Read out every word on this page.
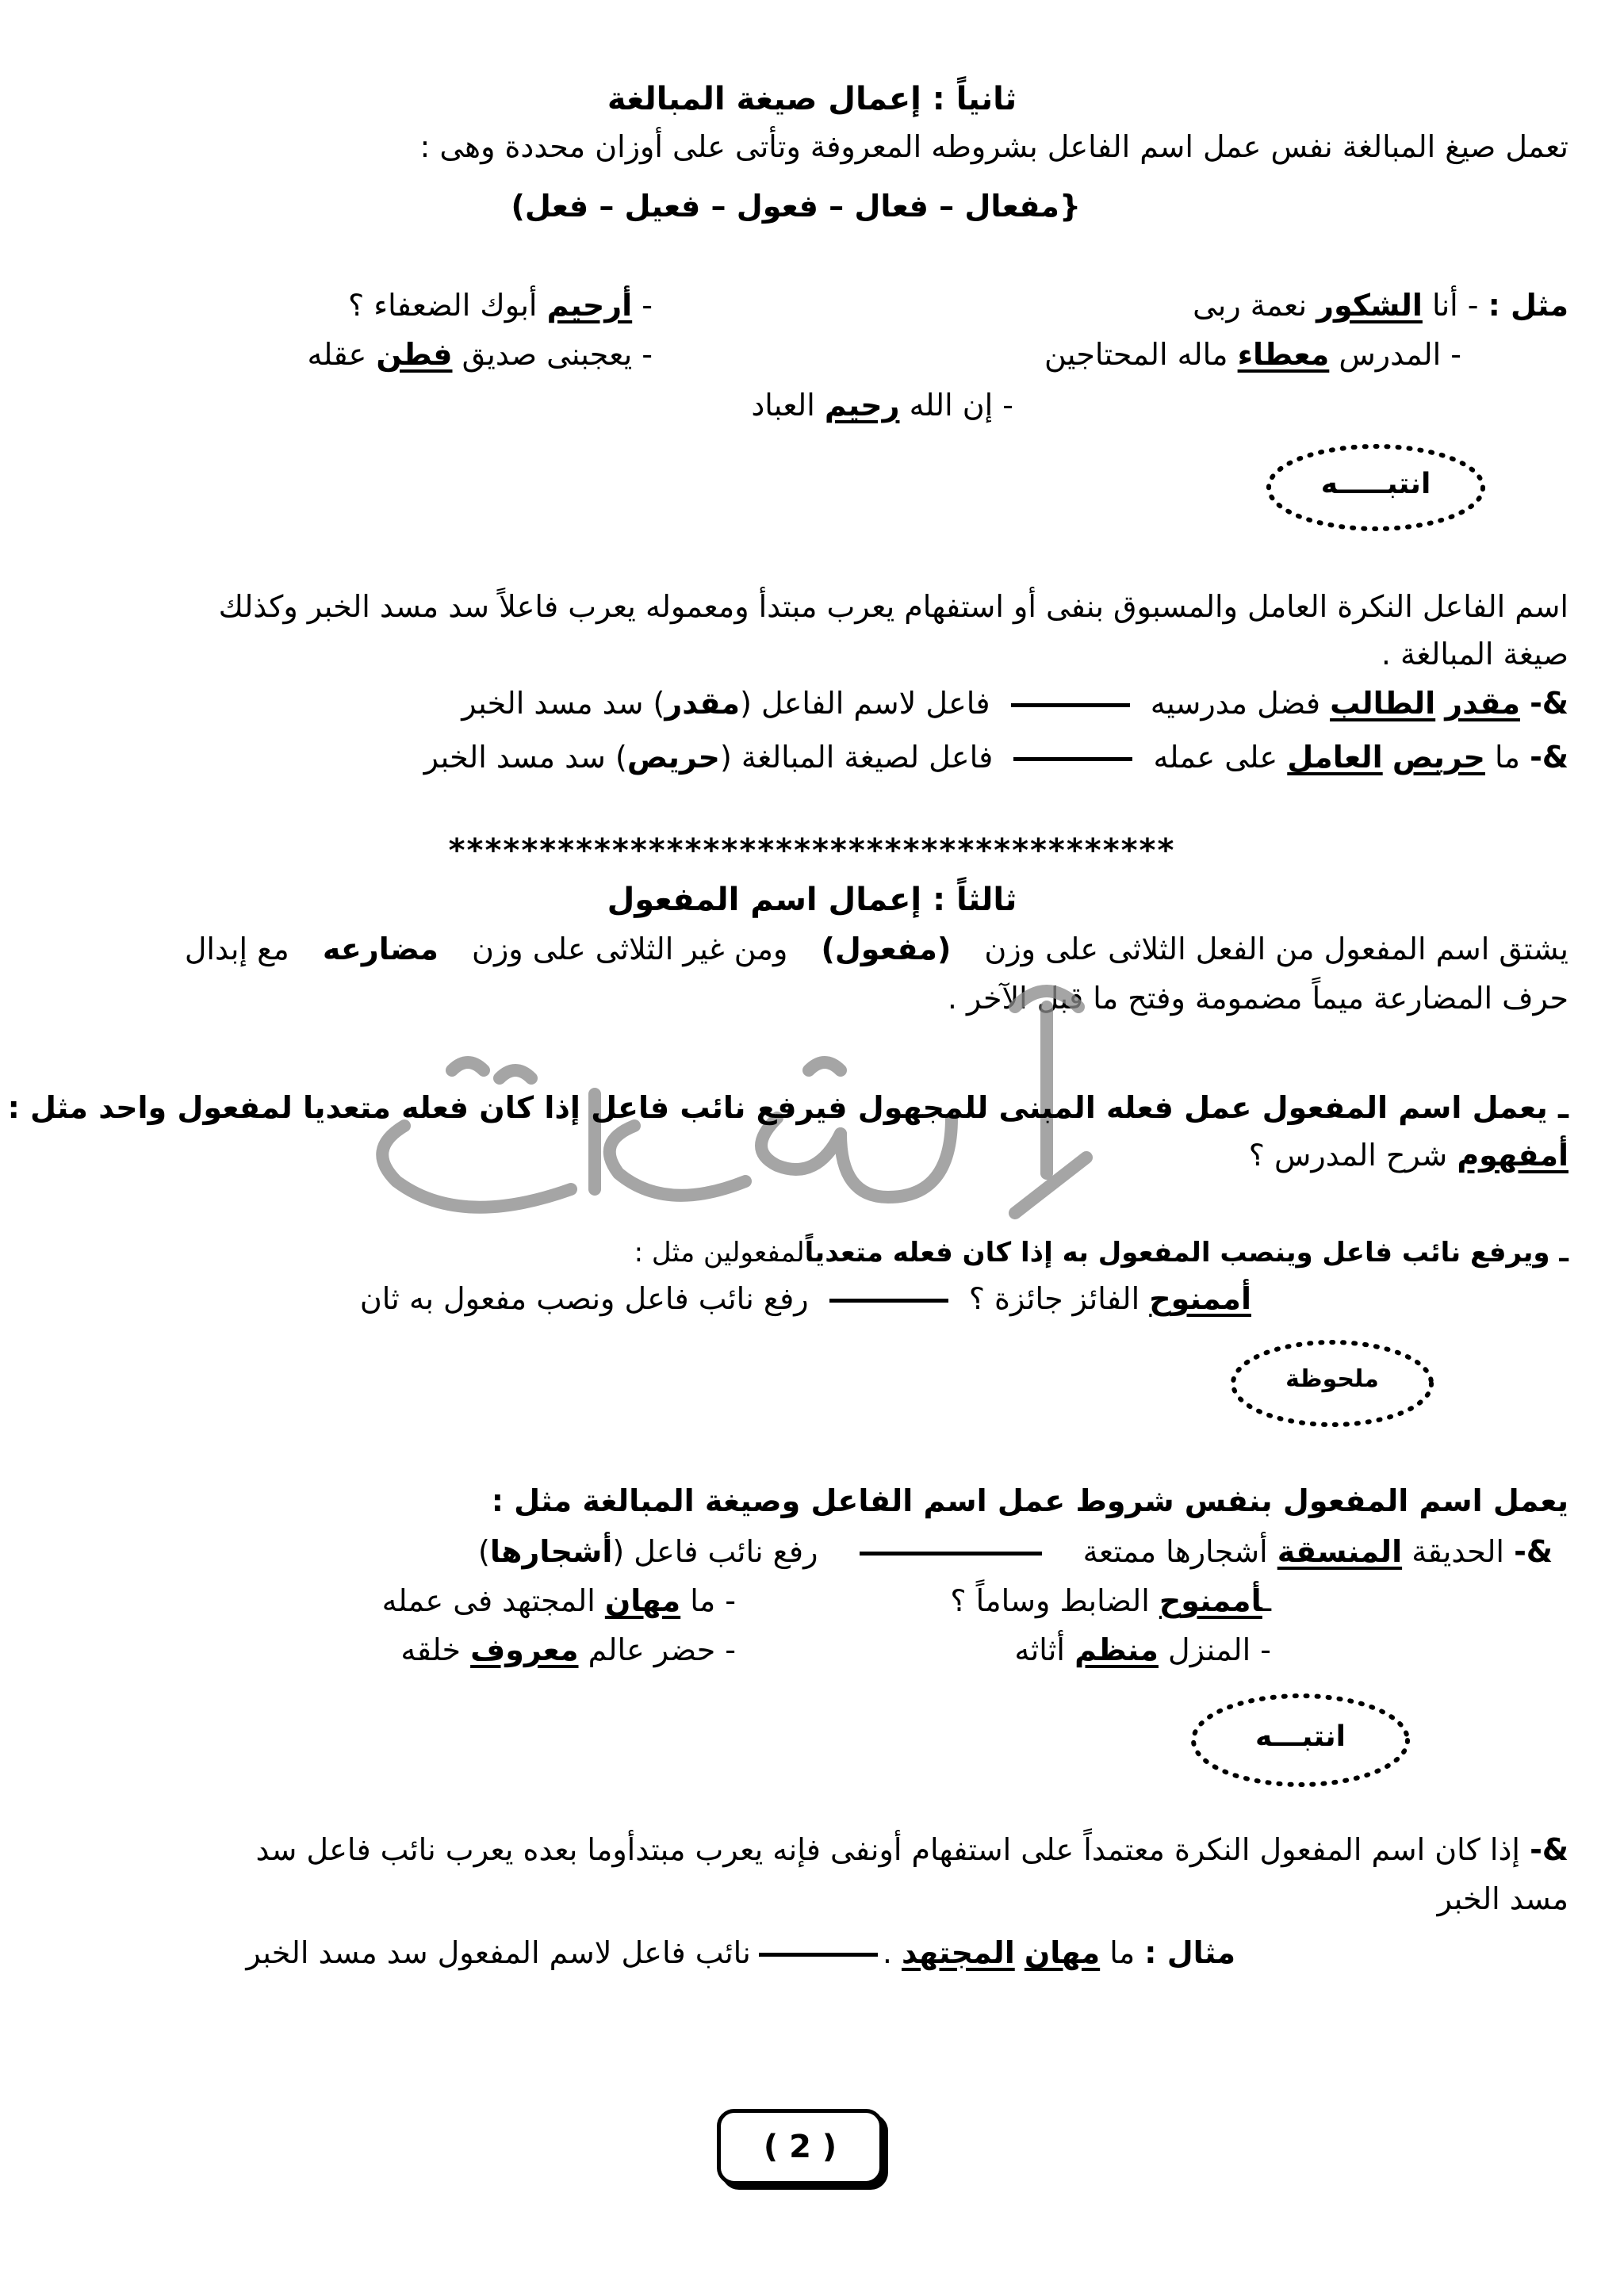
ثانياً : إعمال صيغة المبالغة
تعمل صيغ المبالغة نفس عمل اسم الفاعل بشروطه المعروفة وتأتى على أوزان محددة وهى :
{مفعال – فعال – فعول – فعيل – فعل)
مثل : - أنا الشكور نعمة ربى
- أرحيم أبوك الضعفاء ؟
- المدرس معطاء ماله المحتاجين
- يعجبنى صديق فطن عقله
- إن الله رحيم العباد
انتبـــــه
اسم الفاعل النكرة العامل والمسبوق بنفى أو استفهام يعرب مبتدأ ومعموله يعرب فاعلاً سد مسد الخبر وكذلك
صيغة المبالغة .
&- مقدر الطالب فضل مدرسيه  فاعل لاسم الفاعل (مقدر) سد مسد الخبر
&- ما حريص العامل على عمله  فاعل لصيغة المبالغة (حريص) سد مسد الخبر
****************************************
ثالثاً : إعمال اسم المفعول
يشتق اسم المفعول من الفعل الثلاثى على وزن (مفعول) ومن غير الثلاثى على وزن مضارعه مع إبدال
حرف المضارعة ميماً مضمومة وفتح ما قبل الآخر .
ـ يعمل اسم المفعول عمل فعله المبنى للمجهول فيرفع نائب فاعل إذا كان فعله متعديا لمفعول واحد مثل :
أمفهوم شرح المدرس ؟
ـ ويرفع نائب فاعل وينصب المفعول به إذا كان فعله متعدياًلمفعولين مثل :
أممنوح الفائز جائزة ؟  رفع نائب فاعل ونصب مفعول به ثان
ملحوظة
يعمل اسم المفعول بنفس شروط عمل اسم الفاعل وصيغة المبالغة مثل :
&- الحديقة المنسقة أشجارها ممتعة  رفع نائب فاعل (أشجارها)
ـأممنوح الضابط وساماً ؟
- ما مهان المجتهد فى عمله
- المنزل منظم أثاثه
- حضر عالم معروف خلقه
انتبـــه
&- إذا كان اسم المفعول النكرة معتمداً على استفهام أونفى فإنه يعرب مبتدأوما بعده يعرب نائب فاعل سد
مسد الخبر
مثال : ما مهان المجتهد .نائب فاعل لاسم المفعول سد مسد الخبر
( 2 )
